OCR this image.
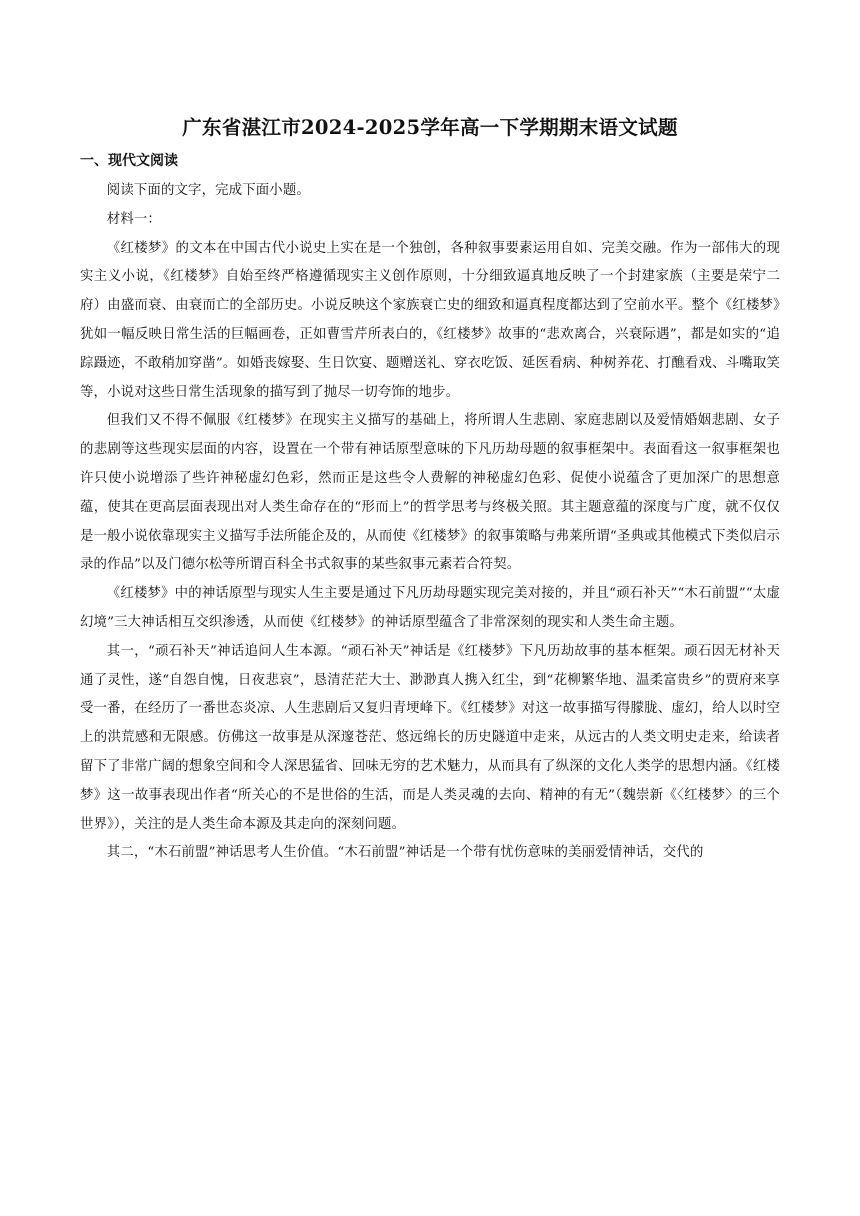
广东省湛江市2024-2025学年高一下学期期末语文试题
一、现代文阅读

阅读下面的文字，完成下面小题。

材料一：

《红楼梦》的文本在中国古代小说史上实在是一个独创，各种叙事要素运用自如、完美交融。作为一部伟大的现实主义小说，《红楼梦》自始至终严格遵循现实主义创作原则，十分细致逼真地反映了一个封建家族（主要是荣宁二府）由盛而衰、由衰而亡的全部历史。小说反映这个家族衰亡史的细致和逼真程度都达到了空前水平。整个《红楼梦》犹如一幅反映日常生活的巨幅画卷，正如曹雪芹所表白的，《红楼梦》故事的“悲欢离合，兴衰际遇”，都是如实的“追踪蹑迹，不敢稍加穿凿”。如婚丧嫁娶、生日饮宴、题赠送礼、穿衣吃饭、延医看病、种树养花、打醮看戏、斗嘴取笑等，小说对这些日常生活现象的描写到了抛尽一切夸饰的地步。

但我们又不得不佩服《红楼梦》在现实主义描写的基础上，将所谓人生悲剧、家庭悲剧以及爱情婚姻悲剧、女子的悲剧等这些现实层面的内容，设置在一个带有神话原型意味的下凡历劫母题的叙事框架中。表面看这一叙事框架也许只使小说增添了些许神秘虚幻色彩，然而正是这些令人费解的神秘虚幻色彩、促使小说蕴含了更加深广的思想意蕴，使其在更高层面表现出对人类生命存在的“形而上”的哲学思考与终极关照。其主题意蕴的深度与广度，就不仅仅是一般小说依靠现实主义描写手法所能企及的，从而使《红楼梦》的叙事策略与弗莱所谓“圣典或其他模式下类似启示录的作品”以及门德尔松等所谓百科全书式叙事的某些叙事元素若合符契。

《红楼梦》中的神话原型与现实人生主要是通过下凡历劫母题实现完美对接的，并且“顽石补天”“木石前盟”“太虚幻境”三大神话相互交织渗透，从而使《红楼梦》的神话原型蕴含了非常深刻的现实和人类生命主题。

其一，“顽石补天”神话追问人生本源。“顽石补天”神话是《红楼梦》下凡历劫故事的基本框架。顽石因无材补天通了灵性，遂“自怨自愧，日夜悲哀”，恳清茫茫大士、渺渺真人携入红尘，到“花柳繁华地、温柔富贵乡”的贾府来享受一番，在经历了一番世态炎凉、人生悲剧后又复归青埂峰下。《红楼梦》对这一故事描写得朦胧、虚幻，给人以时空上的洪荒感和无限感。仿佛这一故事是从深邃苍茫、悠远绵长的历史隧道中走来，从远古的人类文明史走来，给读者留下了非常广阔的想象空间和令人深思猛省、回味无穷的艺术魅力，从而具有了纵深的文化人类学的思想内涵。《红楼梦》这一故事表现出作者“所关心的不是世俗的生活，而是人类灵魂的去向、精神的有无”（魏崇新《〈红楼梦〉的三个世界》），关注的是人类生命本源及其走向的深刻问题。

其二，“木石前盟”神话思考人生价值。“木石前盟”神话是一个带有忧伤意味的美丽爱情神话，交代的
